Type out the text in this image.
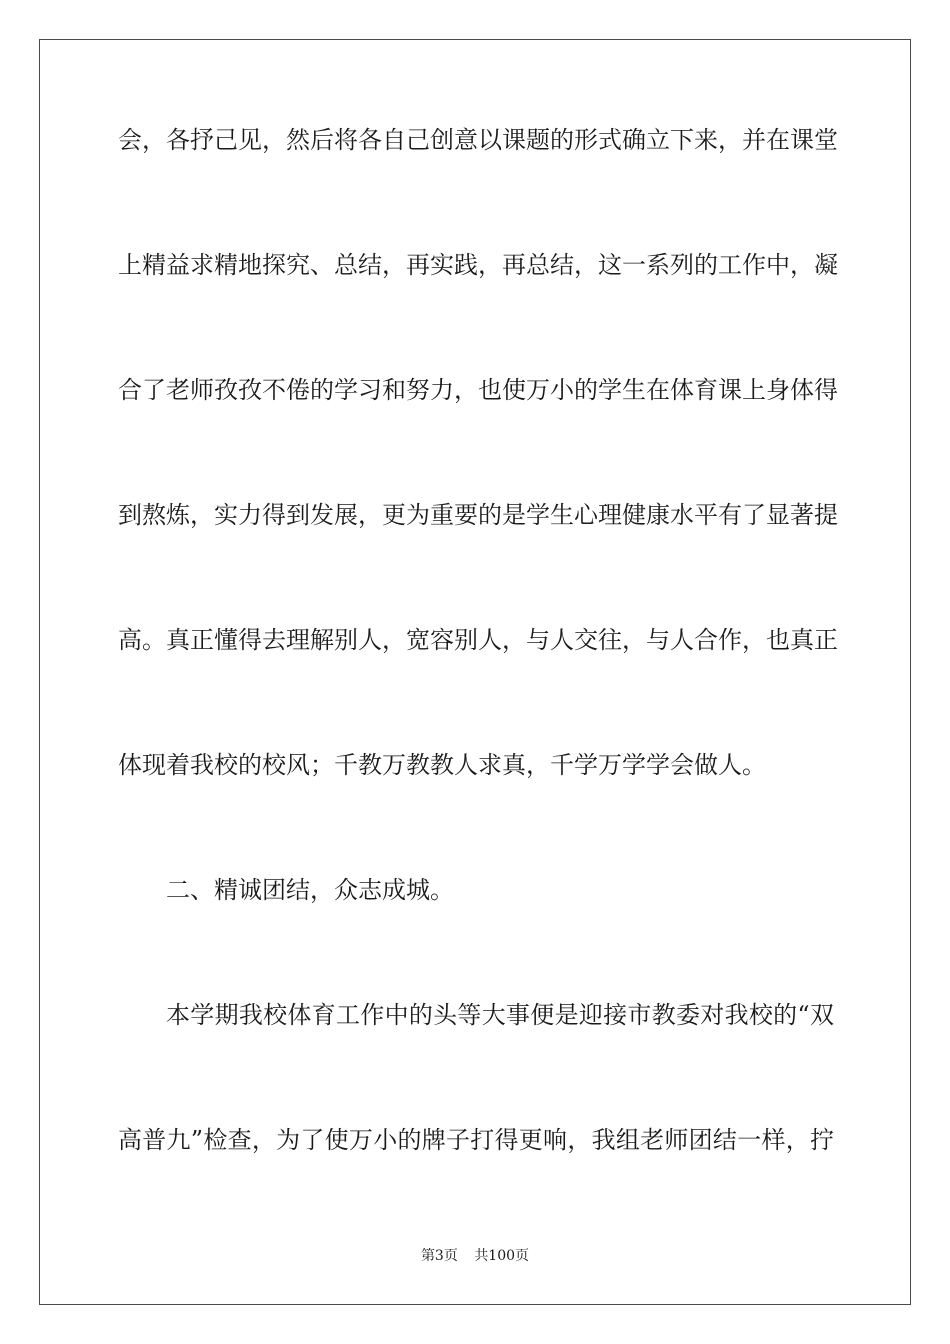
会，各抒己见，然后将各自己创意以课题的形式确立下来，并在课堂
上精益求精地探究、总结，再实践，再总结，这一系列的工作中，凝
合了老师孜孜不倦的学习和努力，也使万小的学生在体育课上身体得
到熬炼，实力得到发展，更为重要的是学生心理健康水平有了显著提
高。真正懂得去理解别人，宽容别人，与人交往，与人合作，也真正
体现着我校的校风；千教万教教人求真，千学万学学会做人。
二、精诚团结，众志成城。
本学期我校体育工作中的头等大事便是迎接市教委对我校的“双
高普九”检查，为了使万小的牌子打得更响，我组老师团结一样，拧
第3页 共100页
